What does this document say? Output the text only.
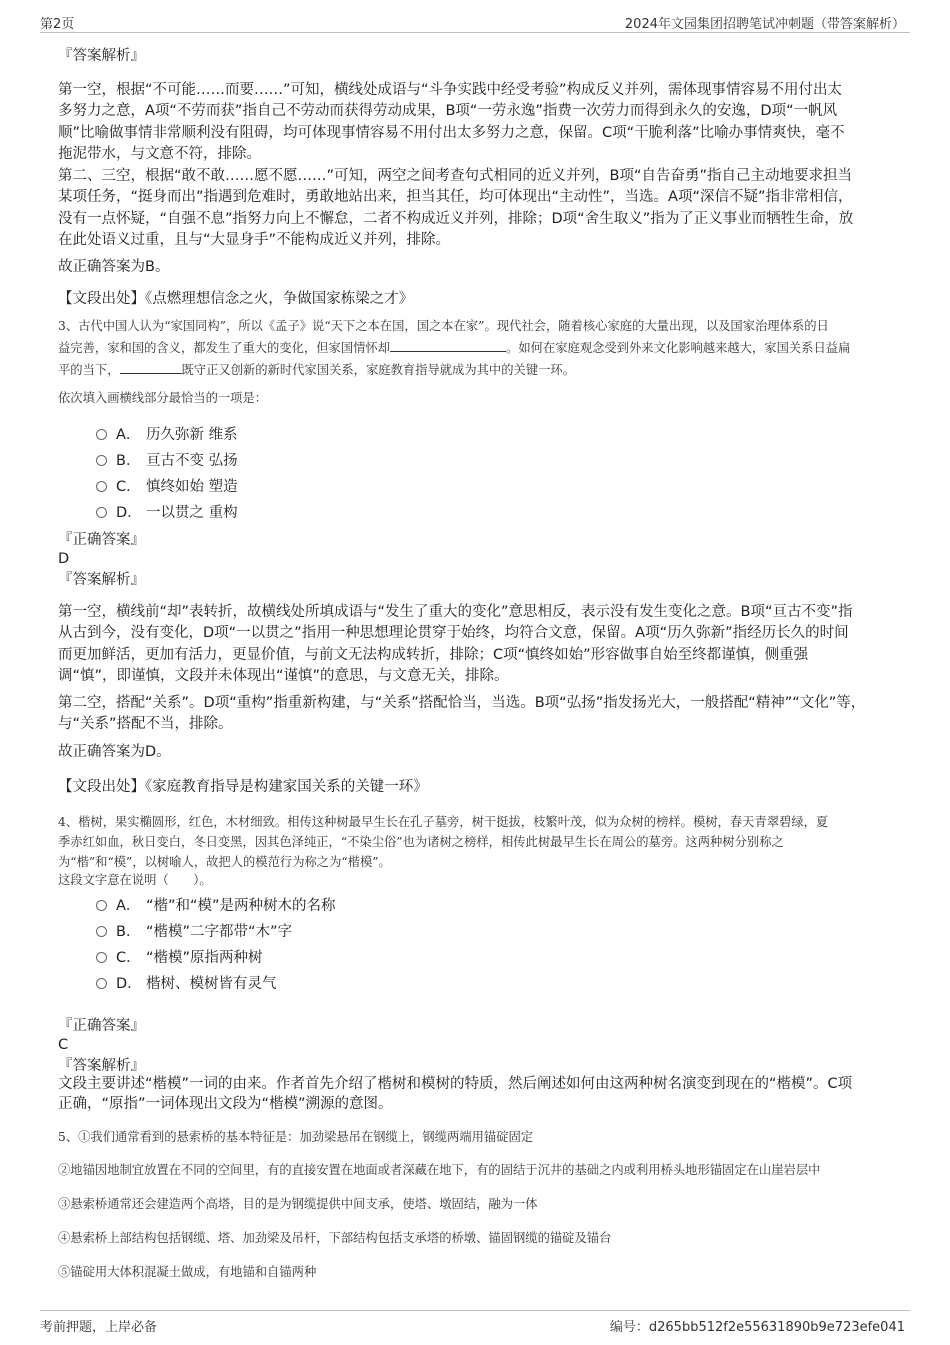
第2页	2024年文园集团招聘笔试冲刺题（带答案解析）
『答案解析』

第一空，根据“不可能……而要……”可知，横线处成语与“斗争实践中经受考验”构成反义并列，需体现事情容易不用付出太

多努力之意，A项“不劳而获”指自己不劳动而获得劳动成果，B项“一劳永逸”指费一次劳力而得到永久的安逸，D项“一帆风

顺”比喻做事情非常顺利没有阻碍，均可体现事情容易不用付出太多努力之意，保留。C项“干脆利落”比喻办事情爽快，毫不

拖泥带水，与文意不符，排除。

第二、三空，根据“敢不敢……愿不愿……”可知，两空之间考查句式相同的近义并列，B项“自告奋勇”指自己主动地要求担当

某项任务，“挺身而出”指遇到危难时，勇敢地站出来，担当其任，均可体现出“主动性”，当选。A项“深信不疑”指非常相信，

没有一点怀疑，“自强不息”指努力向上不懈怠，二者不构成近义并列，排除；D项“舍生取义”指为了正义事业而牺牲生命，放

在此处语义过重，且与“大显身手”不能构成近义并列，排除。

故正确答案为B。
【文段出处】《点燃理想信念之火，争做国家栋梁之才》
3、古代中国人认为“家国同构”，所以《孟子》说“天下之本在国，国之本在家”。现代社会，随着核心家庭的大量出现，以及国家治理体系的日
益完善，家和国的含义，都发生了重大的变化，但家国情怀却	。如何在家庭观念受到外来文化影响越来越大，家国关系日益扁
平的当下，	既守正又创新的新时代家国关系，家庭教育指导就成为其中的关键一环。
依次填入画横线部分最恰当的一项是：
A． 历久弥新 维系
B． 亘古不变 弘扬
C． 慎终如始 塑造
D． 一以贯之 重构
『正确答案』
D
『答案解析』

第一空，横线前“却”表转折，故横线处所填成语与“发生了重大的变化”意思相反，表示没有发生变化之意。B项“亘古不变”指

从古到今，没有变化，D项“一以贯之”指用一种思想理论贯穿于始终，均符合文意，保留。A项“历久弥新”指经历长久的时间

而更加鲜活，更加有活力，更显价值，与前文无法构成转折，排除；C项“慎终如始”形容做事自始至终都谨慎，侧重强

调“慎”，即谨慎，文段并未体现出“谨慎”的意思，与文意无关，排除。

第二空，搭配“关系”。D项“重构”指重新构建，与“关系”搭配恰当，当选。B项“弘扬”指发扬光大，一般搭配“精神”“文化”等，

与“关系”搭配不当，排除。

故正确答案为D。
【文段出处】《家庭教育指导是构建家国关系的关键一环》
4、楷树，果实椭圆形，红色，木材细致。相传这种树最早生长在孔子墓旁，树干挺拔，枝繁叶茂，似为众树的榜样。模树，春天青翠碧绿，夏
季赤红如血，秋日变白，冬日变黑，因其色泽纯正，“不染尘俗”也为诸树之榜样，相传此树最早生长在周公的墓旁。这两种树分别称之
为“楷”和“模”，以树喻人，故把人的模范行为称之为“楷模”。
这段文字意在说明（　　）。
A． “楷”和“模”是两种树木的名称
B． “楷模”二字都带“木”字
C． “楷模”原指两种树
D． 楷树、模树皆有灵气
『正确答案』
C
『答案解析』

文段主要讲述“楷模”一词的由来。作者首先介绍了楷树和模树的特质，然后阐述如何由这两种树名演变到现在的“楷模”。C项

正确，“原指”一词体现出文段为“楷模”溯源的意图。

5、①我们通常看到的悬索桥的基本特征是：加劲梁悬吊在钢缆上，钢缆两端用锚碇固定
②地锚因地制宜放置在不同的空间里，有的直接安置在地面或者深藏在地下，有的固结于沉井的基础之内或利用桥头地形锚固定在山崖岩层中
③悬索桥通常还会建造两个高塔，目的是为钢缆提供中间支承，使塔、墩固结，融为一体
④悬索桥上部结构包括钢缆、塔、加劲梁及吊杆，下部结构包括支承塔的桥墩、锚固钢缆的锚碇及锚台
⑤锚碇用大体积混凝土做成，有地锚和自锚两种
考前押题，上岸必备	编号：d265bb512f2e55631890b9e723efe041
